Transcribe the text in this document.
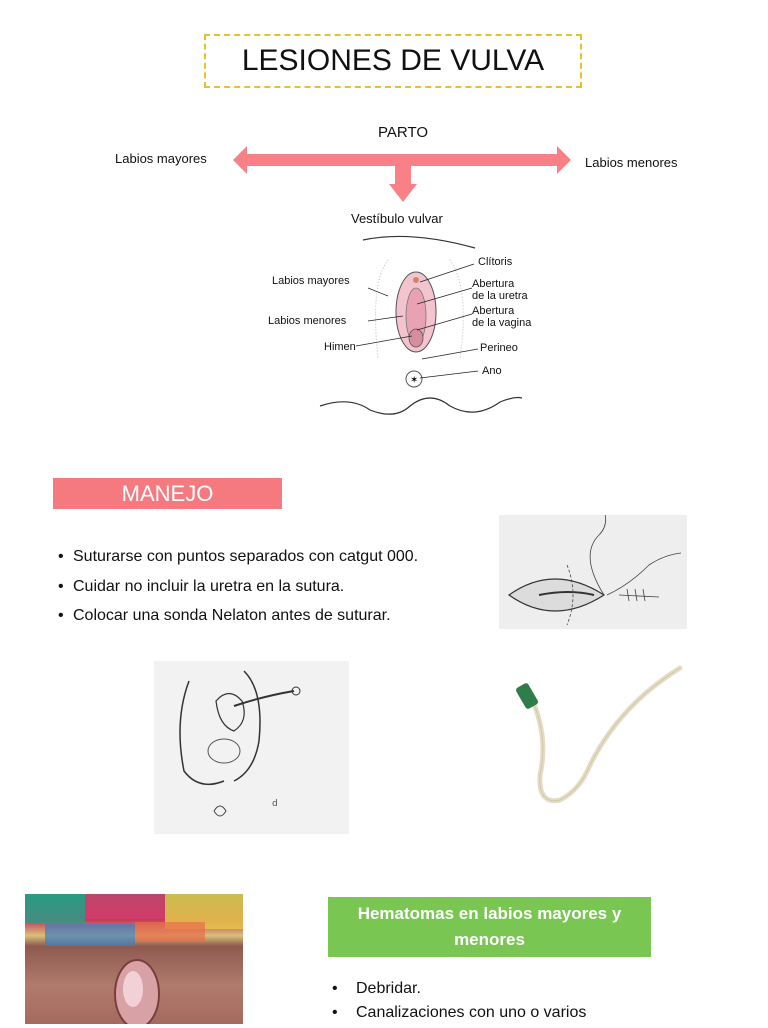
LESIONES DE VULVA
PARTO
Labios mayores	Labios menores
Vestíbulo vulvar
✶
Labios mayores
Labios menores
Himen
Clítoris
Abertura
de la uretra
Abertura
de la vagina
Perineo
Ano
MANEJO
• Suturarse con puntos separados con catgut 000.
• Cuidar no incluir la uretra en la sutura.
• Colocar una sonda Nelaton antes de suturar.
d
Hematomas en labios mayores y
menores
• Debridar.
• Canalizaciones con uno o varios
